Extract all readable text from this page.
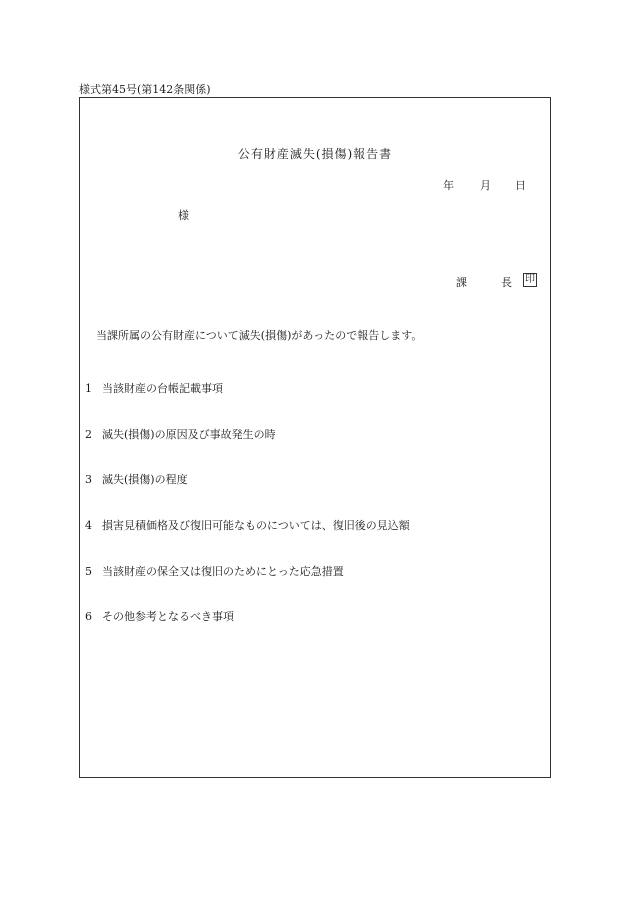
様式第45号(第142条関係)
公有財産滅失(損傷)報告書
年 月 日
様
課	長 印
当課所属の公有財産について滅失(損傷)があったので報告します。
1 当該財産の台帳記載事項
2 滅失(損傷)の原因及び事故発生の時
3 滅失(損傷)の程度
4 損害見積価格及び復旧可能なものについては、復旧後の見込額
5 当該財産の保全又は復旧のためにとった応急措置
6 その他参考となるべき事項
